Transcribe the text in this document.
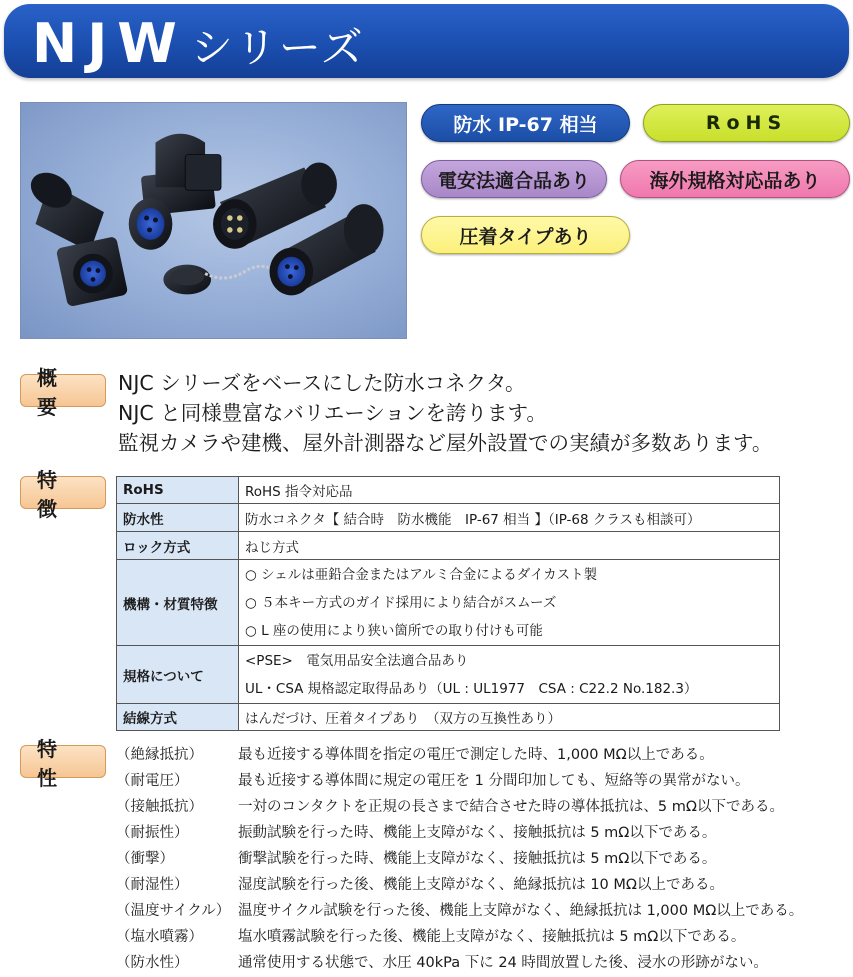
NJWシリーズ
防水 IP-67 相当	RoHS
電安法適合品あり	海外規格対応品あり
圧着タイプあり
概要
NJC シリーズをベースにした防水コネクタ。
NJC と同様豊富なバリエーションを誇ります。
監視カメラや建機、屋外計測器など屋外設置での実績が多数あります。
特徴
RoHS	RoHS 指令対応品
防水性	防水コネクタ【 結合時　防水機能　IP-67 相当 】（IP-68 クラスも相談可）
ロック方式	ねじ方式
機構・材質特徴	○ シェルは亜鉛合金またはアルミ合金によるダイカスト製
○ ５本キー方式のガイド採用により結合がスムーズ
○ L 座の使用により狭い箇所での取り付けも可能

規格について	<PSE>　電気用品安全法適合品あり
UL・CSA 規格認定取得品あり（UL : UL1977　CSA : C22.2 No.182.3）

結線方式	はんだづけ、圧着タイプあり　（双方の互換性あり）
特性
（絶縁抵抗）	最も近接する導体間を指定の電圧で測定した時、1,000 MΩ以上である。
（耐電圧）	最も近接する導体間に規定の電圧を 1 分間印加しても、短絡等の異常がない。
（接触抵抗）	一対のコンタクトを正規の長さまで結合させた時の導体抵抗は、5 mΩ以下である。
（耐振性）	振動試験を行った時、機能上支障がなく、接触抵抗は 5 mΩ以下である。
（衝撃）	衝撃試験を行った時、機能上支障がなく、接触抵抗は 5 mΩ以下である。
（耐湿性）	湿度試験を行った後、機能上支障がなく、絶縁抵抗は 10 MΩ以上である。
（温度サイクル） 温度サイクル試験を行った後、機能上支障がなく、絶縁抵抗は 1,000 MΩ以上である。
（塩水噴霧）	塩水噴霧試験を行った後、機能上支障がなく、接触抵抗は 5 mΩ以下である。
（防水性）	通常使用する状態で、水圧 40kPa 下に 24 時間放置した後、浸水の形跡がない。
